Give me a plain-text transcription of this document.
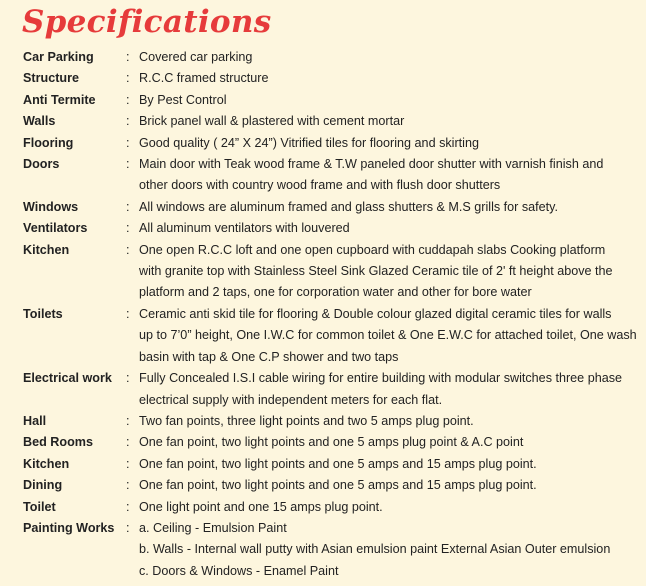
Specifications
Car Parking	: Covered car parking
Structure	: R.C.C framed structure
Anti Termite	: By Pest Control
Walls	: Brick panel wall & plastered with cement mortar
Flooring	: Good quality ( 24” X 24”) Vitrified tiles for flooring and skirting
Doors	: Main door with Teak wood frame & T.W paneled door shutter with varnish finish and
other doors with country wood frame and with flush door shutters
Windows	: All windows are aluminum framed and glass shutters & M.S grills for safety.
Ventilators	: All aluminum ventilators with louvered
Kitchen	: One open R.C.C loft and one open cupboard with cuddapah slabs Cooking platform
with granite top with Stainless Steel Sink Glazed Ceramic tile of 2' ft height above the
platform and 2 taps, one for corporation water and other for bore water
Toilets	: Ceramic anti skid tile for flooring & Double colour glazed digital ceramic tiles for walls
up to 7’0” height, One I.W.C for common toilet & One E.W.C for attached toilet, One wash
basin with tap & One C.P shower and two taps
Electrical work	: Fully Concealed I.S.I cable wiring for entire building with modular switches three phase
electrical supply with independent meters for each flat.
Hall	: Two fan points, three light points and two 5 amps plug point.
Bed Rooms	: One fan point, two light points and one 5 amps plug point & A.C point
Kitchen	: One fan point, two light points and one 5 amps and 15 amps plug point.
Dining	: One fan point, two light points and one 5 amps and 15 amps plug point.
Toilet	: One light point and one 15 amps plug point.
Painting Works : a. Ceiling - Emulsion Paint
b. Walls - Internal wall putty with Asian emulsion paint External Asian Outer emulsion
c. Doors & Windows - Enamel Paint
